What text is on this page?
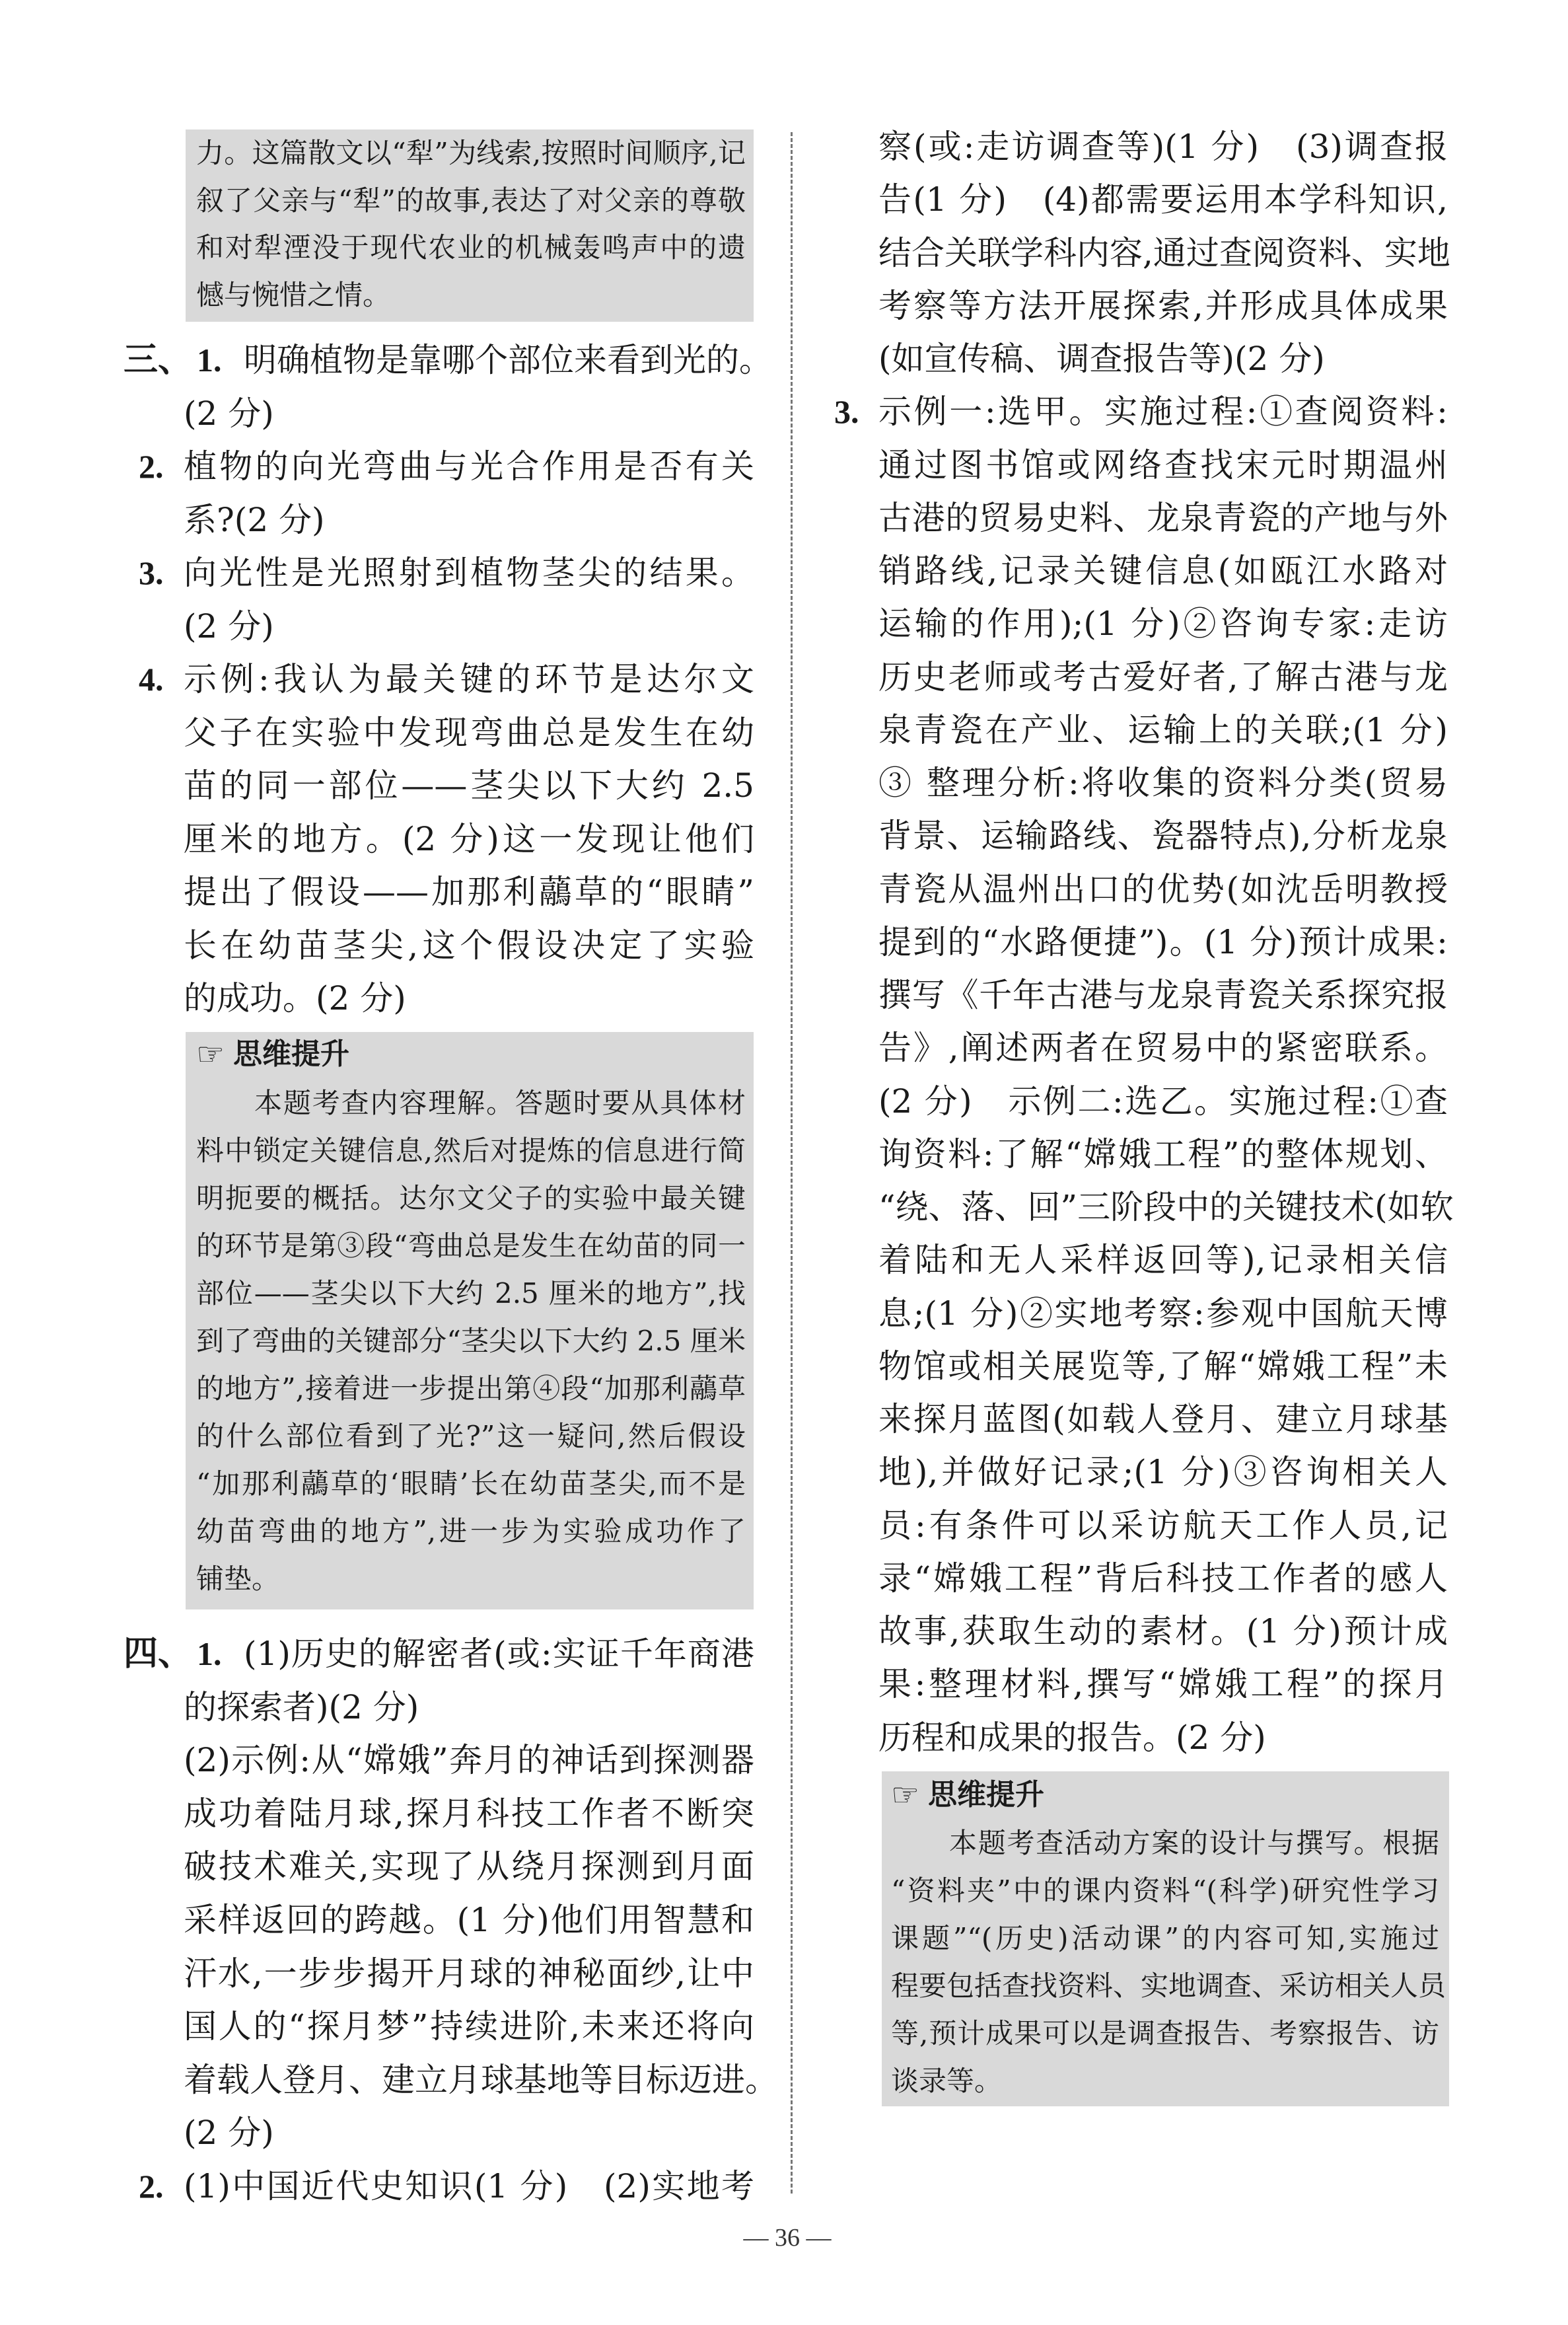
— 36 —
力。这篇散文以“犁”为线索,按照时间顺序,记
叙了父亲与“犁”的故事,表达了对父亲的尊敬
和对犁湮没于现代农业的机械轰鸣声中的遗
憾与惋惜之情。
三、 1. 明确植物是靠哪个部位来看到光的。
(2 分)
2. 植物的向光弯曲与光合作用是否有关
系?(2 分)
3. 向光性是光照射到植物茎尖的结果。
(2 分)
4. 示例:我认为最关键的环节是达尔文
父子在实验中发现弯曲总是发生在幼
苗的同一部位——茎尖以下大约 2.5
厘米的地方。(2 分)这一发现让他们
提出了假设——加那利虉草的“眼睛”
长在幼苗茎尖,这个假设决定了实验
的成功。(2 分)
☞ 思维提升
本题考查内容理解。答题时要从具体材
料中锁定关键信息,然后对提炼的信息进行简
明扼要的概括。达尔文父子的实验中最关键
的环节是第③段“弯曲总是发生在幼苗的同一
部位——茎尖以下大约 2.5 厘米的地方”,找
到了弯曲的关键部分“茎尖以下大约 2.5 厘米
的地方”,接着进一步提出第④段“加那利虉草
的什么部位看到了光?”这一疑问,然后假设
“加那利虉草的‘眼睛’长在幼苗茎尖,而不是
幼苗弯曲的地方”,进一步为实验成功作了
铺垫。
四、 1. (1)历史的解密者(或:实证千年商港
的探索者)(2 分)
(2)示例:从“嫦娥”奔月的神话到探测器
成功着陆月球,探月科技工作者不断突
破技术难关,实现了从绕月探测到月面
采样返回的跨越。(1 分)他们用智慧和
汗水,一步步揭开月球的神秘面纱,让中
国人的“探月梦”持续进阶,未来还将向
着载人登月、建立月球基地等目标迈进。
(2 分)
2. (1)中国近代史知识(1 分)　(2)实地考
察(或:走访调查等)(1 分)　(3)调查报
告(1 分)　(4)都需要运用本学科知识,
结合关联学科内容,通过查阅资料、实地
考察等方法开展探索,并形成具体成果
(如宣传稿、调查报告等)(2 分)
3. 示例一:选甲。实施过程:①查阅资料:
通过图书馆或网络查找宋元时期温州
古港的贸易史料、龙泉青瓷的产地与外
销路线,记录关键信息(如瓯江水路对
运输的作用);(1 分)②咨询专家:走访
历史老师或考古爱好者,了解古港与龙
泉青瓷在产业、运输上的关联;(1 分)
③ 整理分析:将收集的资料分类(贸易
背景、运输路线、瓷器特点),分析龙泉
青瓷从温州出口的优势(如沈岳明教授
提到的“水路便捷”)。(1 分)预计成果:
撰写《千年古港与龙泉青瓷关系探究报
告》,阐述两者在贸易中的紧密联系。
(2 分)　示例二:选乙。实施过程:①查
询资料:了解“嫦娥工程”的整体规划、
“绕、落、回”三阶段中的关键技术(如软
着陆和无人采样返回等),记录相关信
息;(1 分)②实地考察:参观中国航天博
物馆或相关展览等,了解“嫦娥工程”未
来探月蓝图(如载人登月、建立月球基
地),并做好记录;(1 分)③咨询相关人
员:有条件可以采访航天工作人员,记
录“嫦娥工程”背后科技工作者的感人
故事,获取生动的素材。(1 分)预计成
果:整理材料,撰写“嫦娥工程”的探月
历程和成果的报告。(2 分)
☞ 思维提升
本题考查活动方案的设计与撰写。根据
“资料夹”中的课内资料“(科学)研究性学习
课题”“(历史)活动课”的内容可知,实施过
程要包括查找资料、实地调查、采访相关人员
等,预计成果可以是调查报告、考察报告、访
谈录等。
